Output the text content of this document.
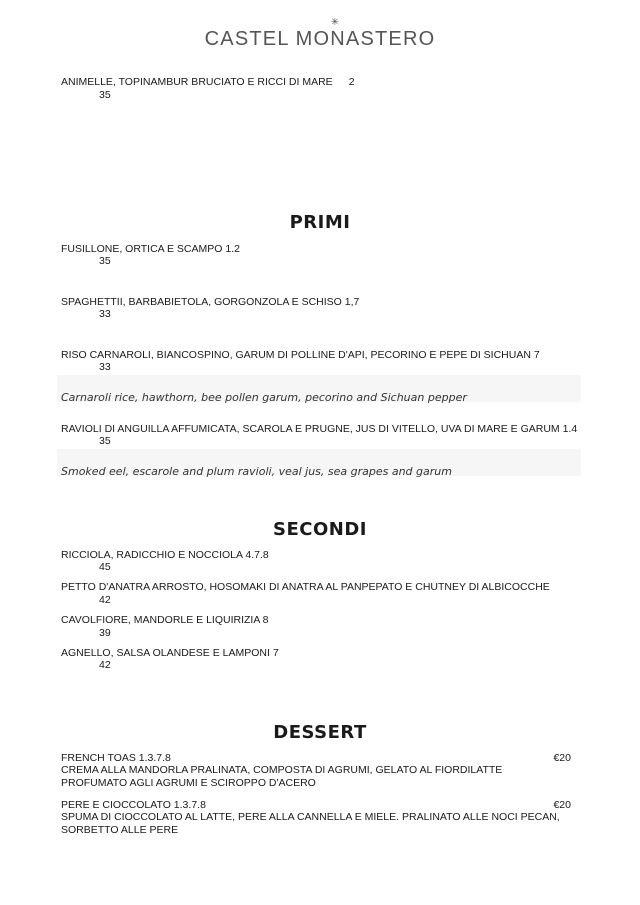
✳
CASTEL MONASTERO
ANIMELLE, TOPINAMBUR BRUCIATO E RICCI DI MARE 2
35
PRIMI
FUSILLONE, ORTICA E SCAMPO 1.2
35
SPAGHETTII, BARBABIETOLA, GORGONZOLA E SCHISO 1,7
33
RISO CARNAROLI, BIANCOSPINO, GARUM DI POLLINE D'API, PECORINO E PEPE DI SICHUAN 7
33
Carnaroli rice, hawthorn, bee pollen garum, pecorino and Sichuan pepper
RAVIOLI DI ANGUILLA AFFUMICATA, SCAROLA E PRUGNE, JUS DI VITELLO, UVA DI MARE E GARUM 1.4
35
Smoked eel, escarole and plum ravioli, veal jus, sea grapes and garum
SECONDI
RICCIOLA, RADICCHIO E NOCCIOLA 4.7.8
45
PETTO D'ANATRA ARROSTO, HOSOMAKI DI ANATRA AL PANPEPATO E CHUTNEY DI ALBICOCCHE
42
CAVOLFIORE, MANDORLE E LIQUIRIZIA 8
39
AGNELLO, SALSA OLANDESE E LAMPONI 7
42
DESSERT
FRENCH TOAS 1.3.7.8	€20
CREMA ALLA MANDORLA PRALINATA, COMPOSTA DI AGRUMI, GELATO AL FIORDILATTE PROFUMATO AGLI AGRUMI E SCIROPPO D'ACERO
PERE E CIOCCOLATO 1.3.7.8	€20
SPUMA DI CIOCCOLATO AL LATTE, PERE ALLA CANNELLA E MIELE. PRALINATO ALLE NOCI PECAN, SORBETTO ALLE PERE
